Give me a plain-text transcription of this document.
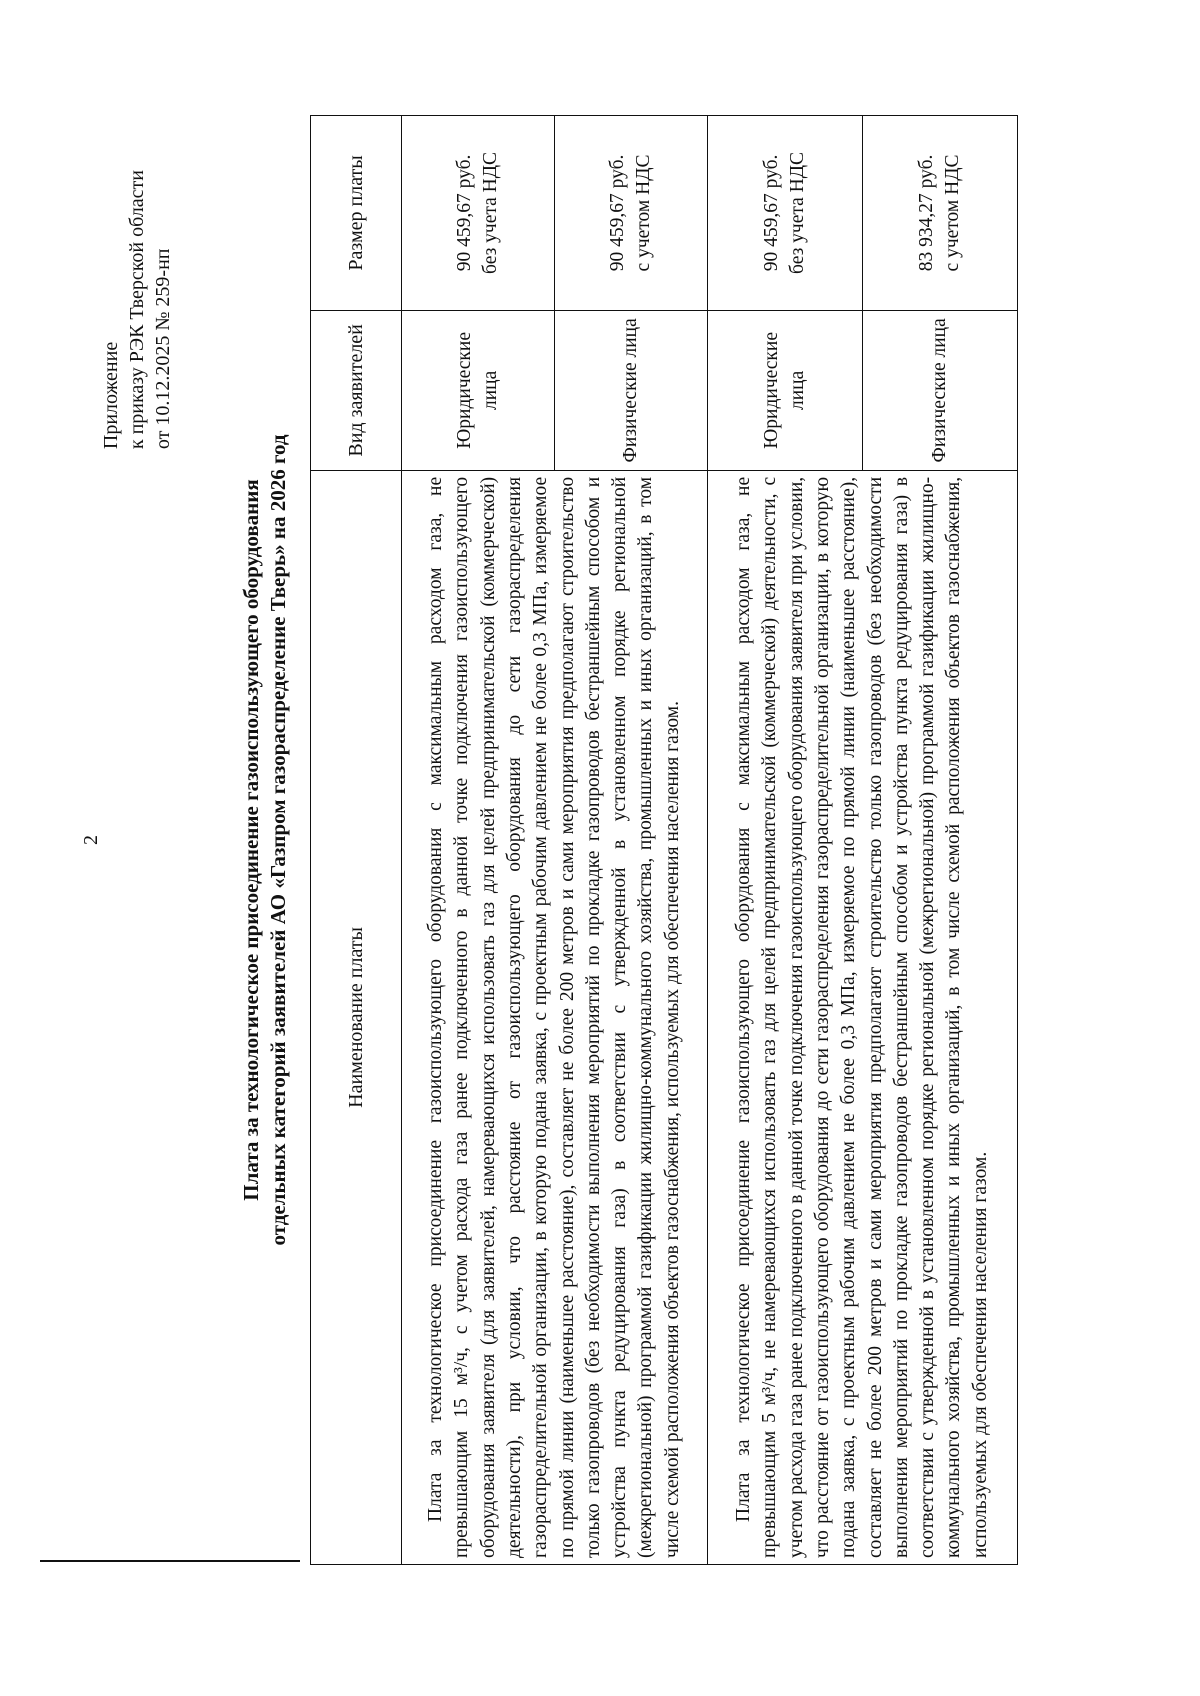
2
Приложение к приказу РЭК Тверской области от 10.12.2025 № 259-нп
Плата за технологическое присоединение газоиспользующего оборудования отдельных категорий заявителей АО «Газпром газораспределение Тверь» на 2026 год	Наименование платы	Вид заявителей	Размер платы
Плата за технологическое присоединение газоиспользующего оборудования с максимальным расходом газа, не превышающим 15 м³/ч, с учетом расхода газа ранее подключенного в данной точке подключения газоиспользующего оборудования заявителя (для заявителей, намеревающихся использовать газ для целей предпринимательской (коммерческой) деятельности), при условии, что расстояние от газоиспользующего оборудования до сети газораспределения газораспределительной организации, в которую подана заявка, с проектным рабочим давлением не более 0,3 МПа, измеряемое по прямой линии (наименьшее расстояние), составляет не более 200 метров и сами мероприятия предполагают строительство только газопроводов (без необходимости выполнения мероприятий по прокладке газопроводов бестраншейным способом и устройства пункта редуцирования газа) в соответствии с утвержденной в установленном порядке региональной (межрегиональной) программой газификации жилищно-коммунального хозяйства, промышленных и иных организаций, в том числе схемой расположения объектов газоснабжения, используемых для обеспечения населения газом.	Юридические лица	90 459,67 руб. без учета НДС

	Физические лица	90 459,67 руб. с учетом НДС

Плата за технологическое присоединение газоиспользующего оборудования с максимальным расходом газа, не превышающим 5 м³/ч, не намеревающихся использовать газ для целей предпринимательской (коммерческой) деятельности, с учетом расхода газа ранее подключенного в данной точке подключения газоиспользующего оборудования заявителя при условии, что расстояние от газоиспользующего оборудования до сети газораспределения газораспределительной организации, в которую подана заявка, с проектным рабочим давлением не более 0,3 МПа, измеряемое по прямой линии (наименьшее расстояние), составляет не более 200 метров и сами мероприятия предполагают строительство только газопроводов (без необходимости выполнения мероприятий по прокладке газопроводов бестраншейным способом и устройства пункта редуцирования газа) в соответствии с утвержденной в установленном порядке региональной (межрегиональной) программой газификации жилищно-коммунального хозяйства, промышленных и иных организаций, в том числе схемой расположения объектов газоснабжения, используемых для обеспечения населения газом.	Юридические лица	90 459,67 руб. без учета НДС

	Физические лица	83 934,27 руб. с учетом НДС
